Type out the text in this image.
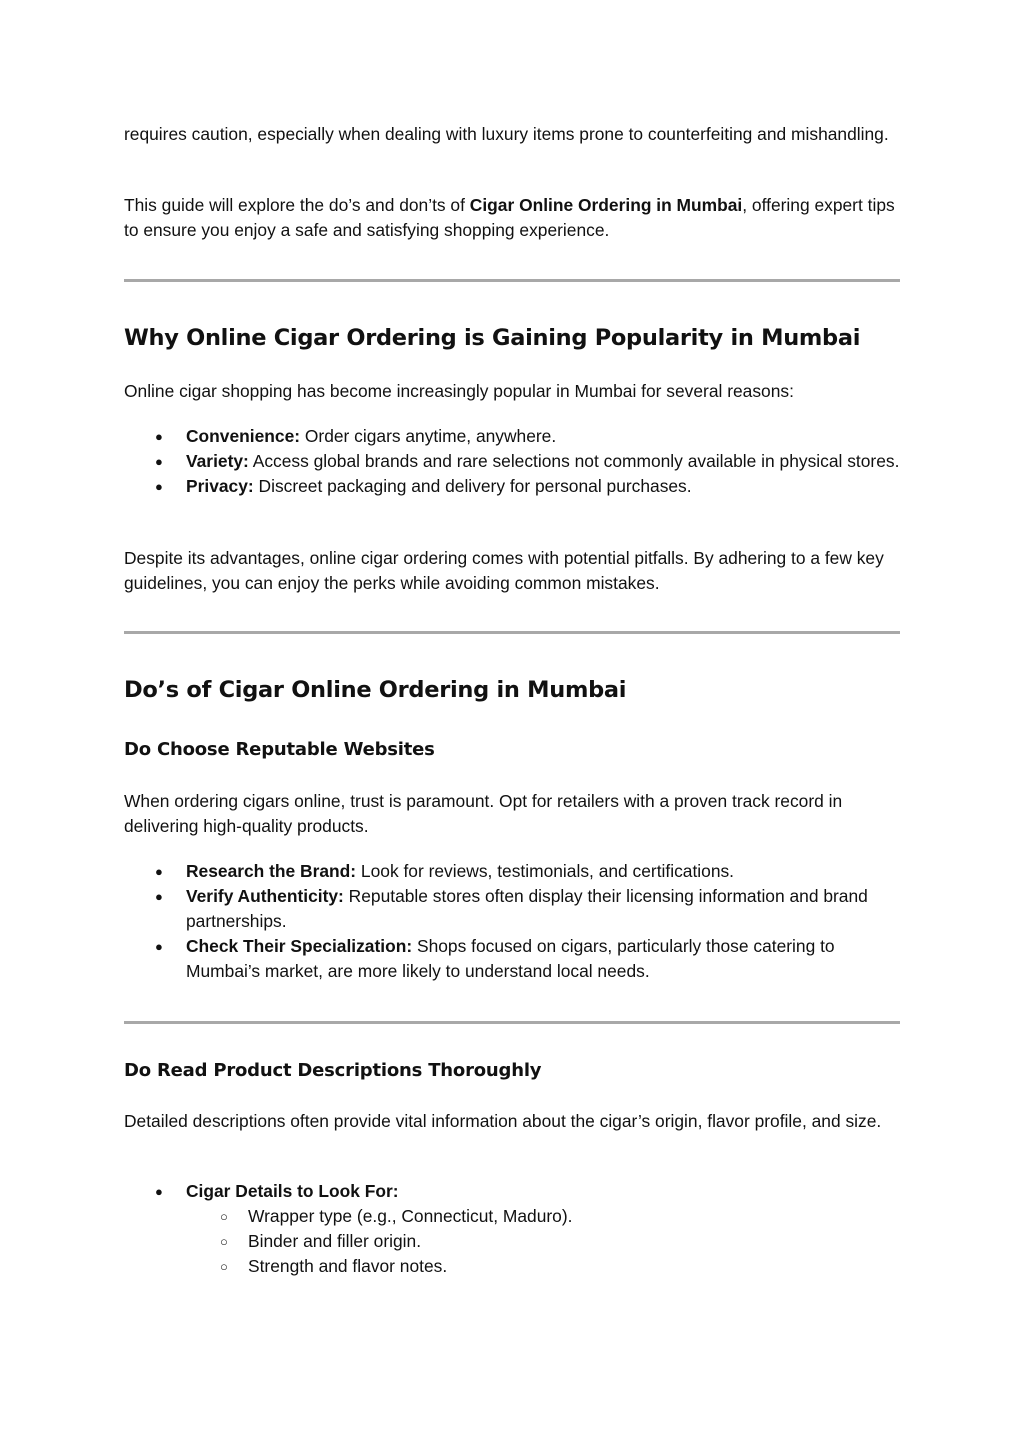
requires caution, especially when dealing with luxury items prone to counterfeiting and mishandling.

This guide will explore the do’s and don’ts of Cigar Online Ordering in Mumbai, offering expert tips to ensure you enjoy a safe and satisfying shopping experience.

Why Online Cigar Ordering is Gaining Popularity in Mumbai

Online cigar shopping has become increasingly popular in Mumbai for several reasons:

● Convenience: Order cigars anytime, anywhere.
● Variety: Access global brands and rare selections not commonly available in physical stores.
● Privacy: Discreet packaging and delivery for personal purchases.

Despite its advantages, online cigar ordering comes with potential pitfalls. By adhering to a few key guidelines, you can enjoy the perks while avoiding common mistakes.

Do’s of Cigar Online Ordering in Mumbai
Do Choose Reputable Websites

When ordering cigars online, trust is paramount. Opt for retailers with a proven track record in delivering high-quality products.

● Research the Brand: Look for reviews, testimonials, and certifications.
● Verify Authenticity: Reputable stores often display their licensing information and brand partnerships.
● Check Their Specialization: Shops focused on cigars, particularly those catering to Mumbai’s market, are more likely to understand local needs.
Do Read Product Descriptions Thoroughly

Detailed descriptions often provide vital information about the cigar’s origin, flavor profile, and size.

● Cigar Details to Look For:
○ Wrapper type (e.g., Connecticut, Maduro).
○ Binder and filler origin.
○ Strength and flavor notes.
